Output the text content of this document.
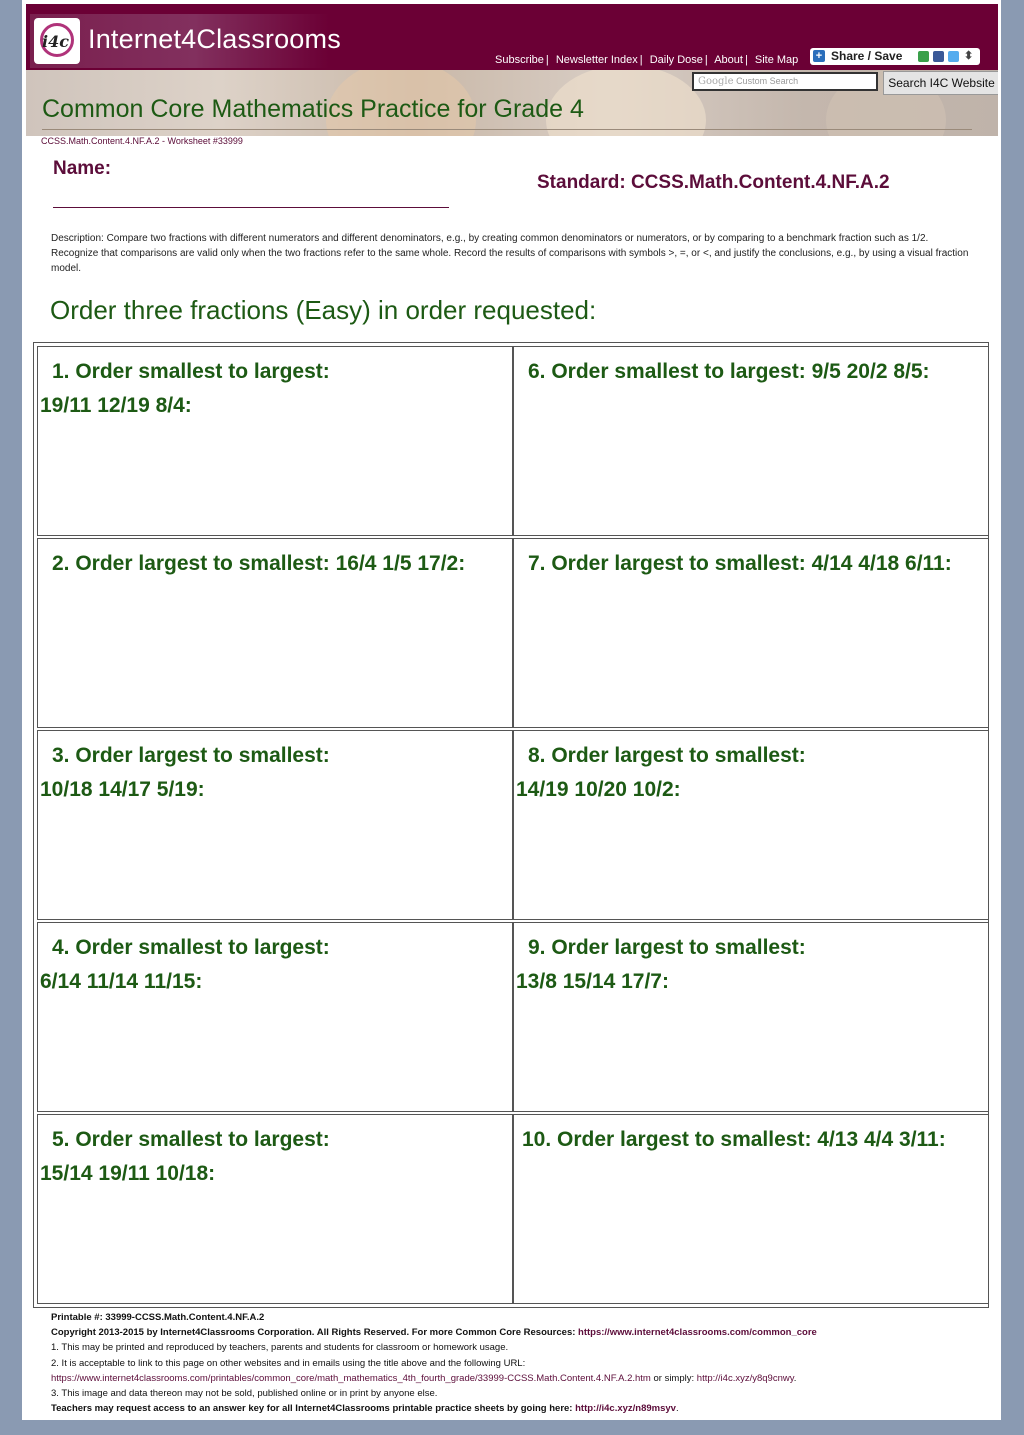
i4c Internet4Classrooms
Subscribe | Newsletter Index | Daily Dose | About | Site Map + Share / Save	⬍
Common Core Mathematics Practice for Grade 4
Google Custom Search	Search I4C Website
CCSS.Math.Content.4.NF.A.2 - Worksheet #33999
Name:
Standard: CCSS.Math.Content.4.NF.A.2
Description: Compare two fractions with different numerators and different denominators, e.g., by creating common denominators or numerators, or by comparing to a benchmark fraction such as 1/2. Recognize that comparisons are valid only when the two fractions refer to the same whole. Record the results of comparisons with symbols >, =, or <, and justify the conclusions, e.g., by using a visual fraction model.
Order three fractions (Easy) in order requested:
1. Order smallest to largest:
19/11 12/19 8/4:
6. Order smallest to largest: 9/5 20/2 8/5:

2. Order largest to smallest: 16/4 1/5 17/2:	7. Order largest to smallest: 4/14 4/18 6/11:

3. Order largest to smallest:
10/18 14/17 5/19:
8. Order largest to smallest:
14/19 10/20 10/2:
4. Order smallest to largest:
6/14 11/14 11/15:
9. Order largest to smallest:
13/8 15/14 17/7:
5. Order smallest to largest:
15/14 19/11 10/18:
10. Order largest to smallest: 4/13 4/4 3/11:

Printable #: 33999-CCSS.Math.Content.4.NF.A.2
Copyright 2013-2015 by Internet4Classrooms Corporation. All Rights Reserved. For more Common Core Resources: https://www.internet4classrooms.com/common_core
1. This may be printed and reproduced by teachers, parents and students for classroom or homework usage.
2. It is acceptable to link to this page on other websites and in emails using the title above and the following URL:
https://www.internet4classrooms.com/printables/common_core/math_mathematics_4th_fourth_grade/33999-CCSS.Math.Content.4.NF.A.2.htm or simply: http://i4c.xyz/y8q9cnwy.
3. This image and data thereon may not be sold, published online or in print by anyone else.
Teachers may request access to an answer key for all Internet4Classrooms printable practice sheets by going here: http://i4c.xyz/n89msyv.
